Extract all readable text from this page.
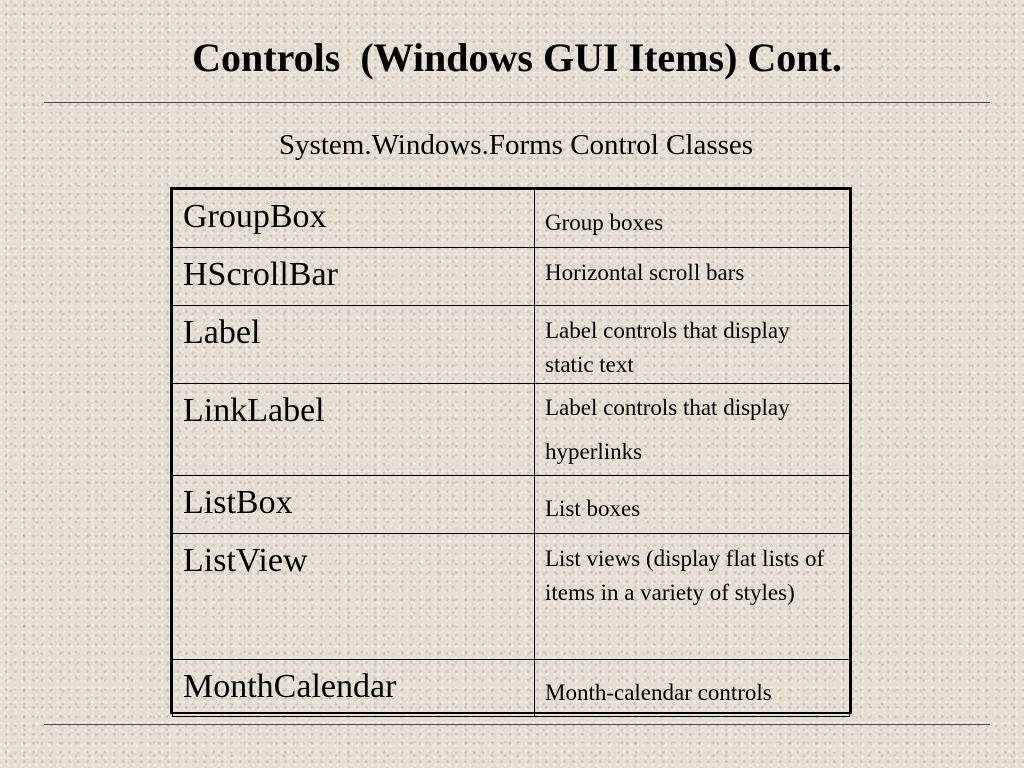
Controls  (Windows GUI Items) Cont.
System.Windows.Forms Control Classes
GroupBox	Group boxes
HScrollBar	Horizontal scroll bars
Label	Label controls that display static text
LinkLabel	Label controls that display hyperlinks
ListBox	List boxes
ListView	List views (display flat lists of items in a variety of styles)
MonthCalendar	Month-calendar controls
